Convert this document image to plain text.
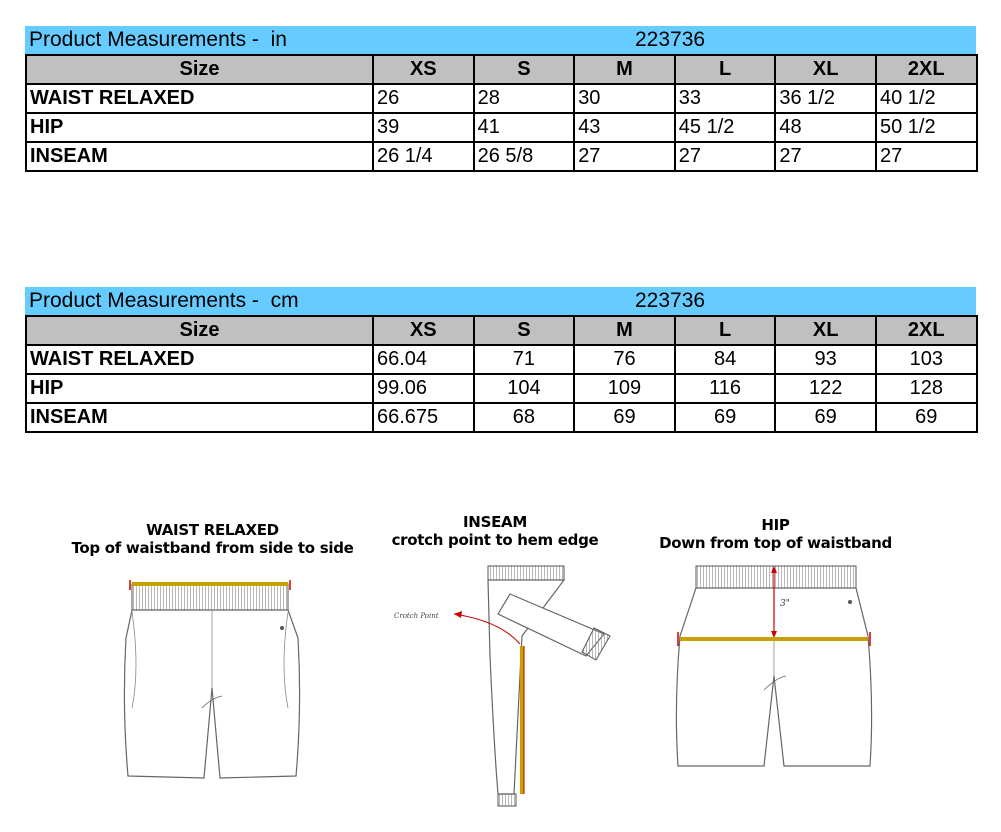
Product Measurements -  in	223736
Size	XS	S	M	L	XL	2XL
WAIST RELAXED	26	28	30	33	36 1/2	40 1/2
HIP	39	41	43	45 1/2	48	50 1/2
INSEAM	26 1/4	26 5/8	27	27	27	27
Product Measurements -  cm	223736
Size	XS	S	M	L	XL	2XL
WAIST RELAXED	66.04	71	76	84	93	103
HIP	99.06	104	109	116	122	128
INSEAM	66.675	68	69	69	69	69
WAIST RELAXED
Top of waistband from side to side
INSEAM
crotch point to hem edge
HIP
Down from top of waistband
Crotch Point
3"
